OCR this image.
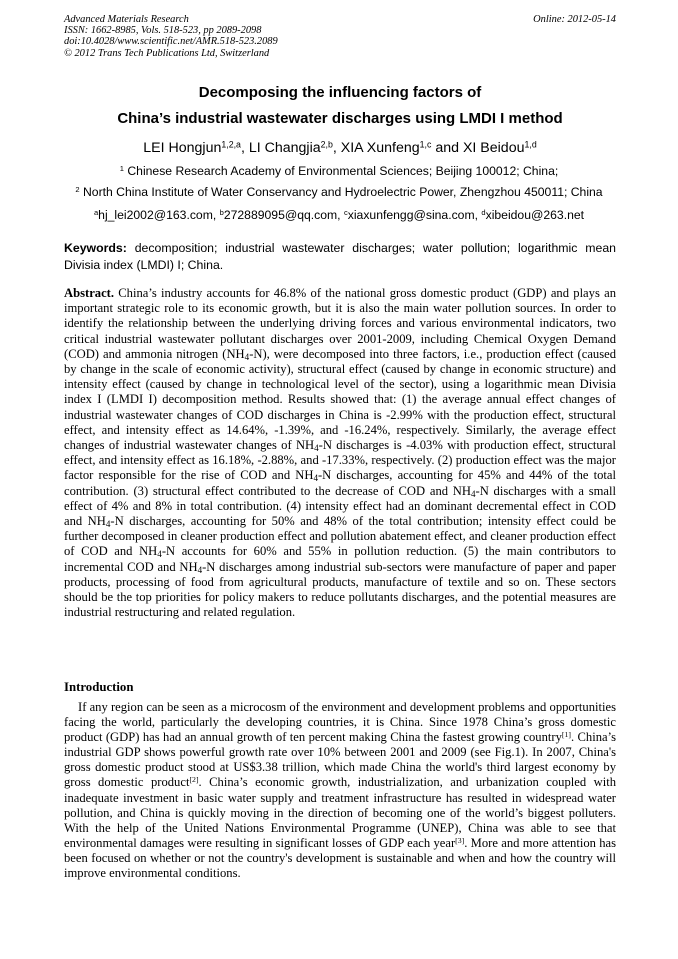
Advanced Materials Research
ISSN: 1662-8985, Vols. 518-523, pp 2089-2098
doi:10.4028/www.scientific.net/AMR.518-523.2089
© 2012 Trans Tech Publications Ltd, Switzerland
Online: 2012-05-14
Decomposing the influencing factors of
China’s industrial wastewater discharges using LMDI I method
LEI Hongjun$^{1,2,a}$, LI Changjia$^{2,b}$, XIA Xunfeng$^{1,c}$ and XI Beidou$^{1,d}$
$^1$ Chinese Research Academy of Environmental Sciences; Beijing 100012; China;
$^2$ North China Institute of Water Conservancy and Hydroelectric Power, Zhengzhou 450011; China
$^a$hj_lei2002@163.com, $^b$272889095@qq.com, $^c$xiaxunfengg@sina.com, $^d$xibeidou@263.net
Keywords: decomposition; industrial wastewater discharges; water pollution; logarithmic mean Divisia index (LMDI) I; China.
Abstract. China’s industry accounts for 46.8% of the national gross domestic product (GDP) and plays an important strategic role to its economic growth, but it is also the main water pollution sources. In order to identify the relationship between the underlying driving forces and various environmental indicators, two critical industrial wastewater pollutant discharges over 2001-2009, including Chemical Oxygen Demand (COD) and ammonia nitrogen $(NH_4-N)$, were decomposed into three factors, i.e., production effect (caused by change in the scale of economic activity), structural effect (caused by change in economic structure) and intensity effect (caused by change in technological level of the sector), using a logarithmic mean Divisia index I (LMDI I) decomposition method. Results showed that: (1) the average annual effect changes of industrial wastewater changes of COD discharges in China is -2.99% with the production effect, structural effect, and intensity effect as 14.64%, -1.39%, and -16.24%, respectively. Similarly, the average effect changes of industrial wastewater changes of $NH_4-N$ discharges is -4.03% with production effect, structural effect, and intensity effect as 16.18%, -2.88%, and -17.33%, respectively. (2) production effect was the major factor responsible for the rise of COD and $NH_4-N$ discharges, accounting for 45% and 44% of the total contribution. (3) structural effect contributed to the decrease of COD and $NH_4-N$ discharges with a small effect of 4% and 8% in total contribution. (4) intensity effect had an dominant decremental effect in COD and $NH_4-N$ discharges, accounting for 50% and 48% of the total contribution; intensity effect could be further decomposed in cleaner production effect and pollution abatement effect, and cleaner production effect of COD and $NH_4-N$ accounts for 60% and 55% in pollution reduction. (5) the main contributors to incremental COD and $NH_4-N$ discharges among industrial sub-sectors were manufacture of paper and paper products, processing of food from agricultural products, manufacture of textile and so on. These sectors should be the top priorities for policy makers to reduce pollutants discharges, and the potential measures are industrial restructuring and related regulation.
Introduction
If any region can be seen as a microcosm of the environment and development problems and opportunities facing the world, particularly the developing countries, it is China. Since 1978 China’s gross domestic product (GDP) has had an annual growth of ten percent making China the fastest growing country[1]. China’s industrial GDP shows powerful growth rate over 10% between 2001 and 2009 (see Fig.1). In 2007, China's gross domestic product stood at US$3.38 trillion, which made China the world's third largest economy by gross domestic product[2]. China’s economic growth, industrialization, and urbanization coupled with inadequate investment in basic water supply and treatment infrastructure has resulted in widespread water pollution, and China is quickly moving in the direction of becoming one of the world’s biggest polluters. With the help of the United Nations Environmental Programme (UNEP), China was able to see that environmental damages were resulting in significant losses of GDP each year[3]. More and more attention has been focused on whether or not the country's development is sustainable and when and how the country will improve environmental conditions.
